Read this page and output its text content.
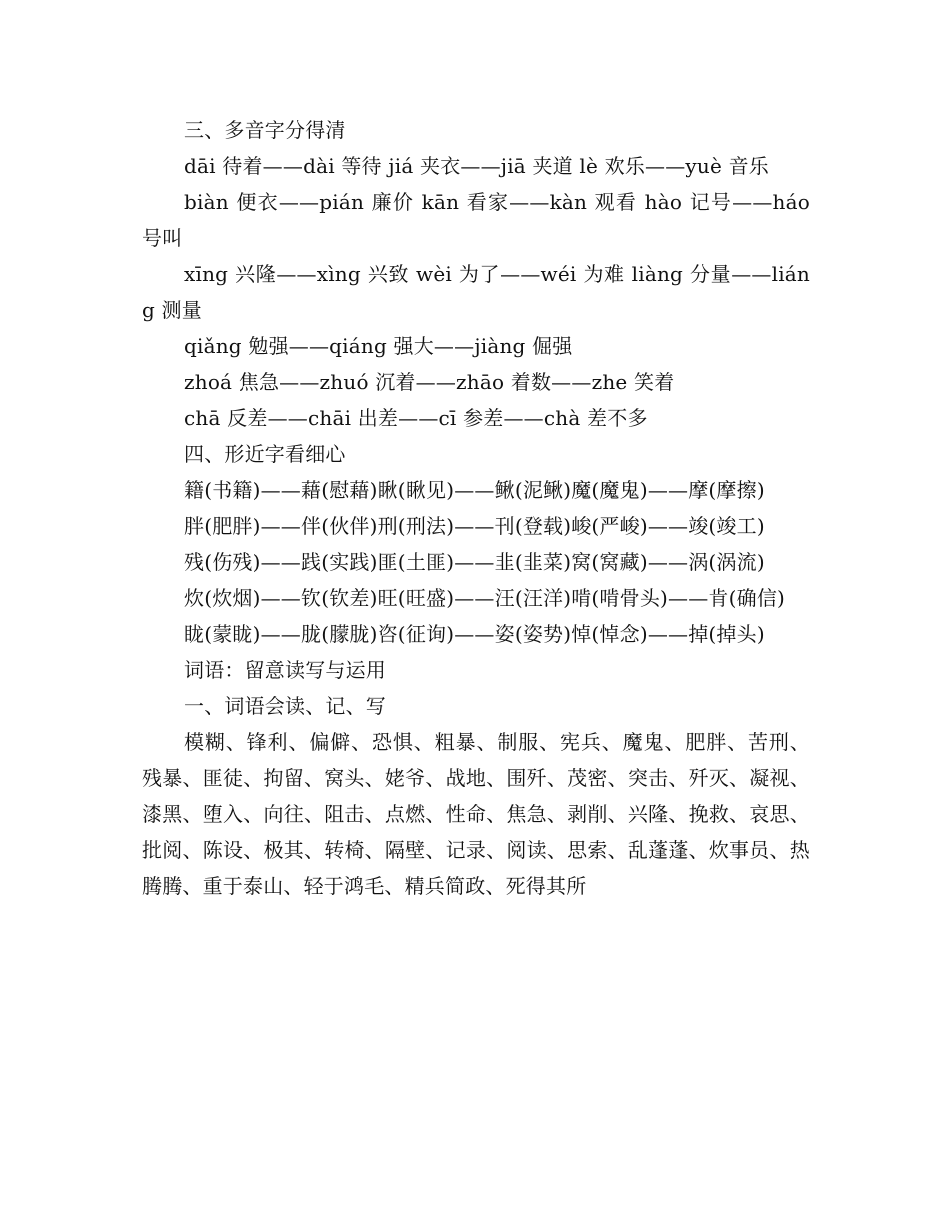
三、多音字分得清

dāi 待着——dài 等待 jiá 夹衣——jiā 夹道 lè 欢乐——yuè 音乐

biàn 便衣——pián 廉价 kān 看家——kàn 观看 hào 记号——háo 号叫

xīng 兴隆——xìng 兴致 wèi 为了——wéi 为难 liàng 分量——liáng 测量

qiǎng 勉强——qiáng 强大——jiàng 倔强

zhoá 焦急——zhuó 沉着——zhāo 着数——zhe 笑着

chā 反差——chāi 出差——cī 参差——chà 差不多

四、形近字看细心

籍(书籍)——藉(慰藉)瞅(瞅见)——鳅(泥鳅)魔(魔鬼)——摩(摩擦)

胖(肥胖)——伴(伙伴)刑(刑法)——刊(登载)峻(严峻)——竣(竣工)

残(伤残)——践(实践)匪(土匪)——韭(韭菜)窝(窝藏)——涡(涡流)

炊(炊烟)——钦(钦差)旺(旺盛)——汪(汪洋)啃(啃骨头)——肯(确信)

眬(蒙眬)——胧(朦胧)咨(征询)——姿(姿势)悼(悼念)——掉(掉头)

词语：留意读写与运用

一、词语会读、记、写

模糊、锋利、偏僻、恐惧、粗暴、制服、宪兵、魔鬼、肥胖、苦刑、残暴、匪徒、拘留、窝头、姥爷、战地、围歼、茂密、突击、歼灭、凝视、漆黑、堕入、向往、阻击、点燃、性命、焦急、剥削、兴隆、挽救、哀思、批阅、陈设、极其、转椅、隔壁、记录、阅读、思索、乱蓬蓬、炊事员、热腾腾、重于泰山、轻于鸿毛、精兵简政、死得其所
